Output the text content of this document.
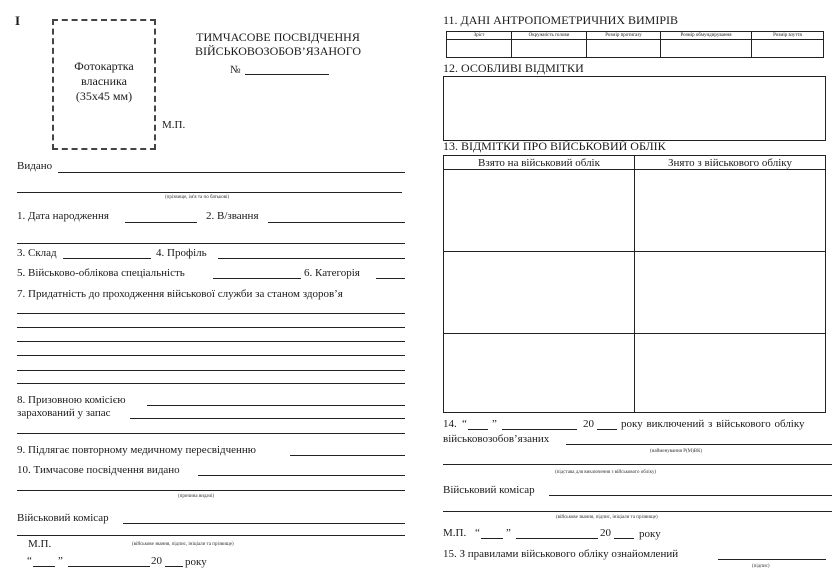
I
Фотокартка
власника
(35х45 мм)
М.П.
ТИМЧАСОВЕ ПОСВІДЧЕННЯ
ВІЙСЬКОВОЗОБОВ’ЯЗАНОГО
№
Видано
(прізвище, ім'я та по батькові)
1. Дата народження	2. В/звання
3. Склад	4. Профіль
5. Військово-облікова спеціальність	6. Категорія
7. Придатність до проходження військової служби за станом здоров’я
8. Призовною комісією
зарахований у запас
9. Підлягає повторному медичному пересвідченню
10. Тимчасове посвідчення видано
(причина видачі)
Військовий комісар
М.П.	(військове звання, підпис, ініціали та прізвище)
“ ”	20 року
11. ДАНІ АНТРОПОМЕТРИЧНИХ ВИМІРІВ
Зріст	Окружність голови	Розмір протигазу	Розмір обмундирування	Розмір взуття

12. ОСОБЛИВІ ВІДМІТКИ
13. ВІДМІТКИ ПРО ВІЙСЬКОВИЙ ОБЛІК
Взято на військовий облік	Знято з військового обліку

14. “ ”	20 року виключений з військового обліку
військовозобов’язаних
(найменування Р(М)ВК)
(підстава для виключення з військового обліку)
Військовий комісар
(військове звання, підпис, ініціали та прізвище)
М.П. “ ”	20	року
15. З правилами військового обліку ознайомлений
(підпис)
